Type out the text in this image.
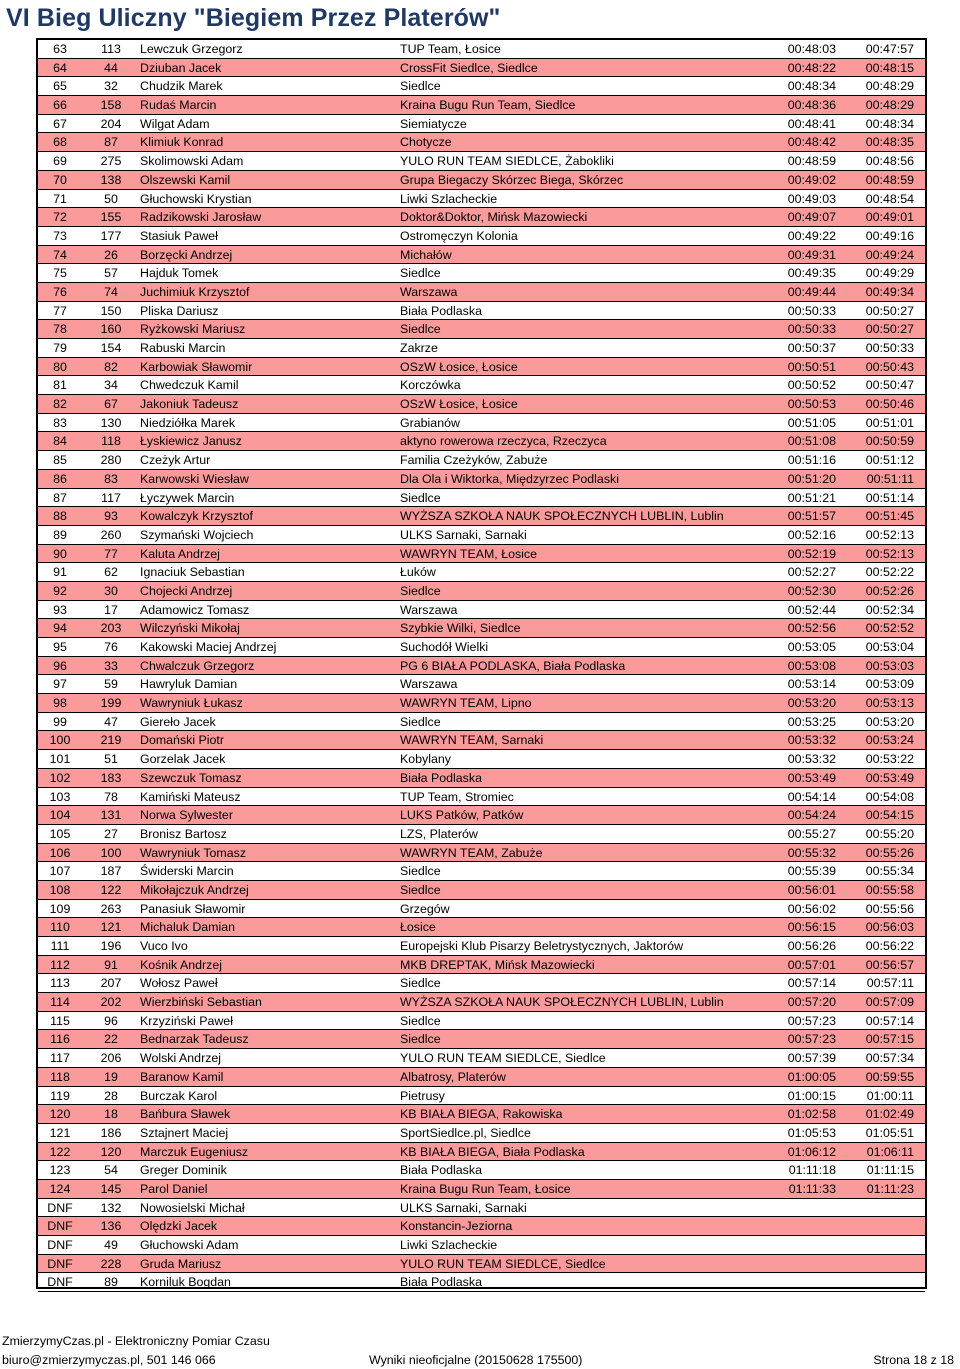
VI Bieg Uliczny "Biegiem Przez Platerów"
63	113	Lewczuk Grzegorz	TUP Team, Łosice	00:48:03	00:47:57
64	44	Dziuban Jacek	CrossFit Siedlce, Siedlce	00:48:22	00:48:15
65	32	Chudzik Marek	Siedlce	00:48:34	00:48:29
66	158	Rudaś Marcin	Kraina Bugu Run Team, Siedlce	00:48:36	00:48:29
67	204	Wilgat Adam	Siemiatycze	00:48:41	00:48:34
68	87	Klimiuk Konrad	Chotycze	00:48:42	00:48:35
69	275	Skolimowski Adam	YULO RUN TEAM SIEDLCE, Żabokliki	00:48:59	00:48:56
70	138	Olszewski Kamil	Grupa Biegaczy Skórzec Biega, Skórzec	00:49:02	00:48:59
71	50	Głuchowski Krystian	Liwki Szlacheckie	00:49:03	00:48:54
72	155	Radzikowski Jarosław	Doktor&Doktor, Mińsk Mazowiecki	00:49:07	00:49:01
73	177	Stasiuk Paweł	Ostromęczyn Kolonia	00:49:22	00:49:16
74	26	Borzęcki Andrzej	Michałów	00:49:31	00:49:24
75	57	Hajduk Tomek	Siedlce	00:49:35	00:49:29
76	74	Juchimiuk Krzysztof	Warszawa	00:49:44	00:49:34
77	150	Pliska Dariusz	Biała Podlaska	00:50:33	00:50:27
78	160	Ryżkowski Mariusz	Siedlce	00:50:33	00:50:27
79	154	Rabuski Marcin	Zakrze	00:50:37	00:50:33
80	82	Karbowiak Sławomir	OSzW Łosice, Łosice	00:50:51	00:50:43
81	34	Chwedczuk Kamil	Korczówka	00:50:52	00:50:47
82	67	Jakoniuk Tadeusz	OSzW Łosice, Łosice	00:50:53	00:50:46
83	130	Niedziółka Marek	Grabianów	00:51:05	00:51:01
84	118	Łyskiewicz Janusz	aktyno rowerowa rzeczyca, Rzeczyca	00:51:08	00:50:59
85	280	Czeżyk Artur	Familia Czeżyków, Zabuże	00:51:16	00:51:12
86	83	Karwowski Wiesław	Dla Ola i Wiktorka, Międzyrzec Podlaski	00:51:20	00:51:11
87	117	Łyczywek Marcin	Siedlce	00:51:21	00:51:14
88	93	Kowalczyk Krzysztof	WYŻSZA SZKOŁA NAUK SPOŁECZNYCH LUBLIN, Lublin	00:51:57	00:51:45
89	260	Szymański Wojciech	ULKS Sarnaki, Sarnaki	00:52:16	00:52:13
90	77	Kaluta Andrzej	WAWRYN TEAM, Łosice	00:52:19	00:52:13
91	62	Ignaciuk Sebastian	Łuków	00:52:27	00:52:22
92	30	Chojecki Andrzej	Siedlce	00:52:30	00:52:26
93	17	Adamowicz Tomasz	Warszawa	00:52:44	00:52:34
94	203	Wilczyński Mikołaj	Szybkie Wilki, Siedlce	00:52:56	00:52:52
95	76	Kakowski Maciej Andrzej	Suchodół Wielki	00:53:05	00:53:04
96	33	Chwalczuk Grzegorz	PG 6 BIAŁA PODLASKA, Biała Podlaska	00:53:08	00:53:03
97	59	Hawryluk Damian	Warszawa	00:53:14	00:53:09
98	199	Wawryniuk Łukasz	WAWRYN TEAM, Lipno	00:53:20	00:53:13
99	47	Giereło Jacek	Siedlce	00:53:25	00:53:20
100	219	Domański Piotr	WAWRYN TEAM, Sarnaki	00:53:32	00:53:24
101	51	Gorzelak Jacek	Kobylany	00:53:32	00:53:22
102	183	Szewczuk Tomasz	Biała Podlaska	00:53:49	00:53:49
103	78	Kamiński Mateusz	TUP Team, Stromiec	00:54:14	00:54:08
104	131	Norwa Sylwester	LUKS Patków, Patków	00:54:24	00:54:15
105	27	Bronisz Bartosz	LZS, Platerów	00:55:27	00:55:20
106	100	Wawryniuk Tomasz	WAWRYN TEAM, Zabuże	00:55:32	00:55:26
107	187	Świderski Marcin	Siedlce	00:55:39	00:55:34
108	122	Mikołajczuk Andrzej	Siedlce	00:56:01	00:55:58
109	263	Panasiuk Sławomir	Grzegów	00:56:02	00:55:56
110	121	Michaluk Damian	Łosice	00:56:15	00:56:03
111	196	Vuco Ivo	Europejski Klub Pisarzy Beletrystycznych, Jaktorów	00:56:26	00:56:22
112	91	Kośnik Andrzej	MKB DREPTAK, Mińsk Mazowiecki	00:57:01	00:56:57
113	207	Wołosz Paweł	Siedlce	00:57:14	00:57:11
114	202	Wierzbiński Sebastian	WYŻSZA SZKOŁA NAUK SPOŁECZNYCH LUBLIN, Lublin	00:57:20	00:57:09
115	96	Krzyziński Paweł	Siedlce	00:57:23	00:57:14
116	22	Bednarzak Tadeusz	Siedlce	00:57:23	00:57:15
117	206	Wolski Andrzej	YULO RUN TEAM SIEDLCE, Siedlce	00:57:39	00:57:34
118	19	Baranow Kamil	Albatrosy, Platerów	01:00:05	00:59:55
119	28	Burczak Karol	Pietrusy	01:00:15	01:00:11
120	18	Bańbura Sławek	KB BIAŁA BIEGA, Rakowiska	01:02:58	01:02:49
121	186	Sztajnert Maciej	SportSiedlce.pl, Siedlce	01:05:53	01:05:51
122	120	Marczuk Eugeniusz	KB BIAŁA BIEGA, Biała Podlaska	01:06:12	01:06:11
123	54	Greger Dominik	Biała Podlaska	01:11:18	01:11:15
124	145	Parol Daniel	Kraina Bugu Run Team, Łosice	01:11:33	01:11:23
DNF	132	Nowosielski Michał	ULKS Sarnaki, Sarnaki
DNF	136	Olędzki Jacek	Konstancin-Jeziorna
DNF	49	Głuchowski Adam	Liwki Szlacheckie
DNF	228	Gruda Mariusz	YULO RUN TEAM SIEDLCE, Siedlce
DNF	89	Korniluk Bogdan	Biała Podlaska
ZmierzymyCzas.pl - Elektroniczny Pomiar Czasu
biuro@zmierzymyczas.pl, 501 146 066	Wyniki nieoficjalne (20150628 175500)	Strona 18 z 18
